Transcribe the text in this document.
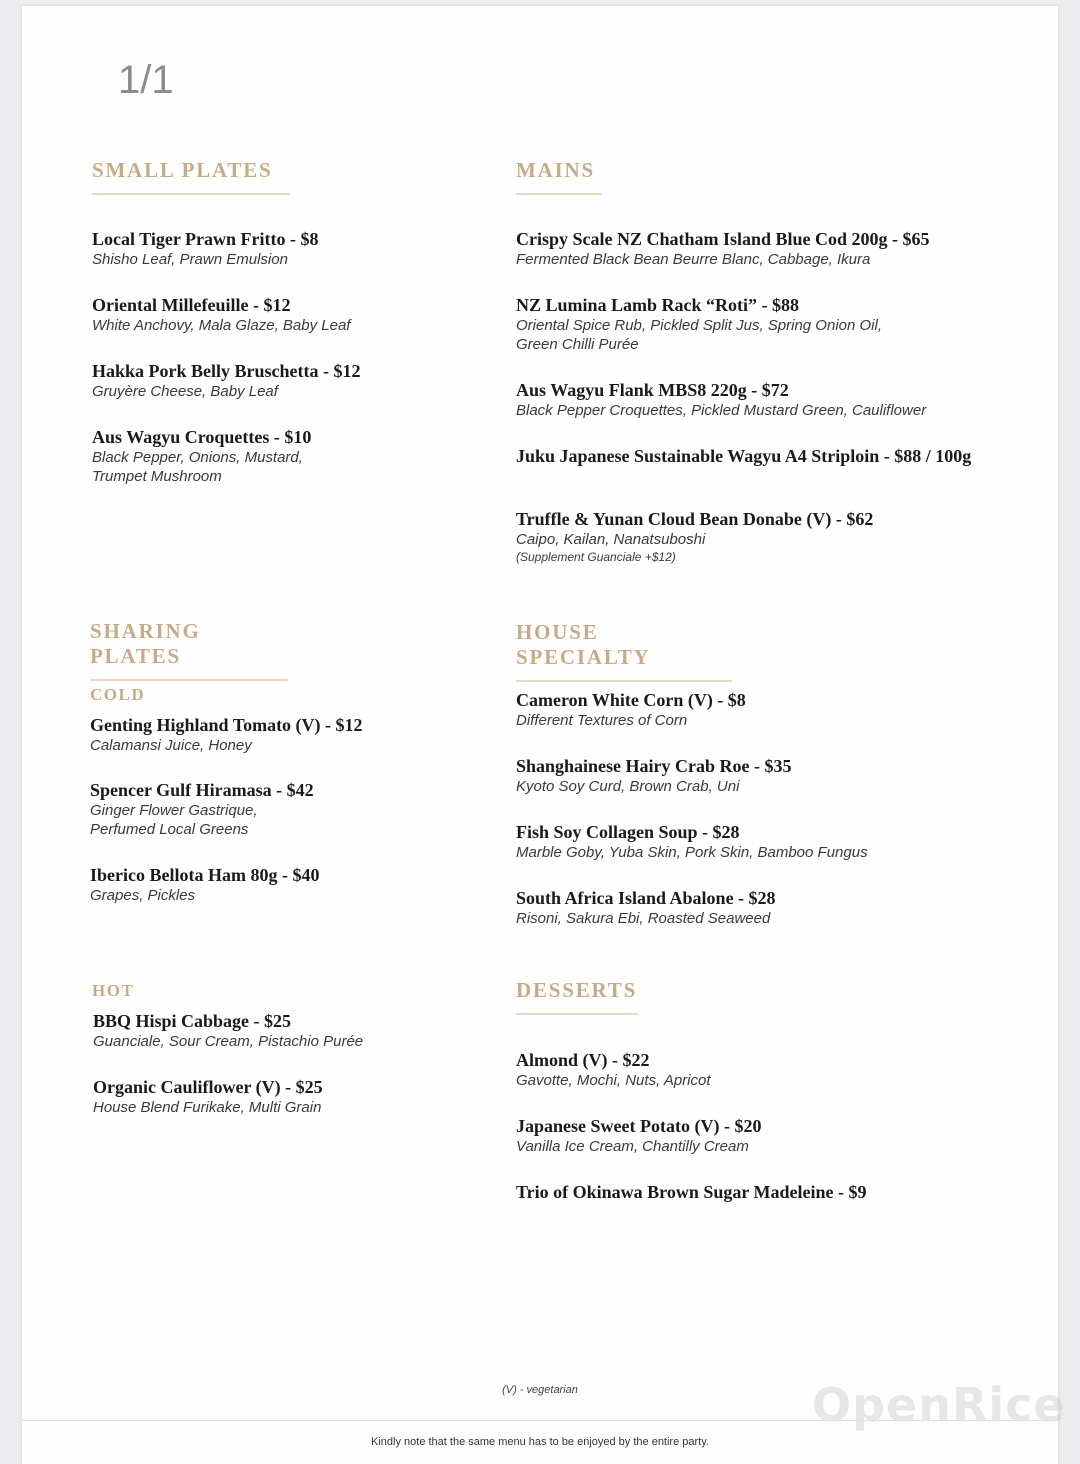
1/1
SMALL PLATES
Local Tiger Prawn Fritto - $8
Shisho Leaf, Prawn Emulsion
Oriental Millefeuille - $12
White Anchovy, Mala Glaze, Baby Leaf
Hakka Pork Belly Bruschetta - $12
Gruyère Cheese, Baby Leaf
Aus Wagyu Croquettes - $10
Black Pepper, Onions, Mustard,
Trumpet Mushroom
MAINS
Crispy Scale NZ Chatham Island Blue Cod 200g - $65
Fermented Black Bean Beurre Blanc, Cabbage, Ikura
NZ Lumina Lamb Rack “Roti” - $88
Oriental Spice Rub, Pickled Split Jus, Spring Onion Oil,
Green Chilli Purée
Aus Wagyu Flank MBS8 220g - $72
Black Pepper Croquettes, Pickled Mustard Green, Cauliflower
Juku Japanese Sustainable Wagyu A4 Striploin - $88 / 100g
Truffle & Yunan Cloud Bean Donabe (V) - $62
Caipo, Kailan, Nanatsuboshi
(Supplement Guanciale +$12)
SHARING PLATES
COLD
Genting Highland Tomato (V) - $12
Calamansi Juice, Honey
Spencer Gulf Hiramasa - $42
Ginger Flower Gastrique,
Perfumed Local Greens
Iberico Bellota Ham 80g - $40
Grapes, Pickles
HOT
BBQ Hispi Cabbage - $25
Guanciale, Sour Cream, Pistachio Purée
Organic Cauliflower (V) - $25
House Blend Furikake, Multi Grain
HOUSE SPECIALTY
Cameron White Corn (V) - $8
Different Textures of Corn
Shanghainese Hairy Crab Roe - $35
Kyoto Soy Curd, Brown Crab, Uni
Fish Soy Collagen Soup - $28
Marble Goby, Yuba Skin, Pork Skin, Bamboo Fungus
South Africa Island Abalone - $28
Risoni, Sakura Ebi, Roasted Seaweed
DESSERTS
Almond (V) - $22
Gavotte, Mochi, Nuts, Apricot
Japanese Sweet Potato (V) - $20
Vanilla Ice Cream, Chantilly Cream
Trio of Okinawa Brown Sugar Madeleine - $9
(V) - vegetarian	OpenRice
Kindly note that the same menu has to be enjoyed by the entire party.
